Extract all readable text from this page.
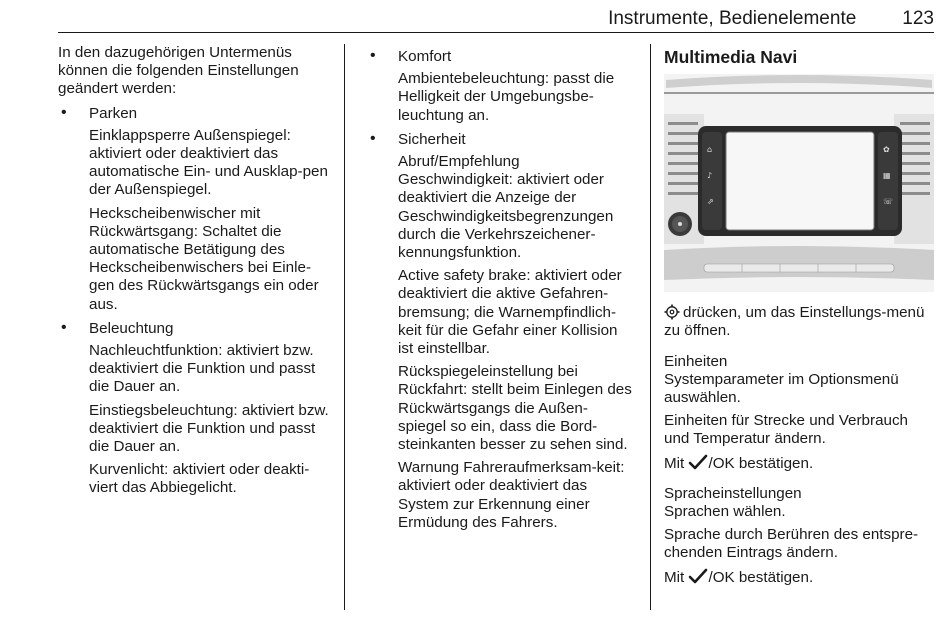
Instrumente, Bedienelemente 123

In den dazugehörigen Untermenüs können die folgenden Einstellungen geändert werden:

• Parken

Einklappsperre Außenspiegel: aktiviert oder deaktiviert das automatische Ein- und Ausklap-pen der Außenspiegel.

Heckscheibenwischer mit Rückwärtsgang: Schaltet die automatische Betätigung des Heckscheibenwischers bei Einle-gen des Rückwärtsgangs ein oder aus.

• Beleuchtung

Nachleuchtfunktion: aktiviert bzw. deaktiviert die Funktion und passt die Dauer an.

Einstiegsbeleuchtung: aktiviert bzw. deaktiviert die Funktion und passt die Dauer an.

Kurvenlicht: aktiviert oder deakti-viert das Abbiegelicht.

• Komfort

Ambientebeleuchtung: passt die Helligkeit der Umgebungsbe-leuchtung an.

• Sicherheit

Abruf/Empfehlung Geschwindigkeit: aktiviert oder deaktiviert die Anzeige der Geschwindigkeitsbegrenzungen durch die Verkehrszeichener-kennungsfunktion.

Active safety brake: aktiviert oder deaktiviert die aktive Gefahren-bremsung; die Warnempfindlich-keit für die Gefahr einer Kollision ist einstellbar.

Rückspiegeleinstellung bei Rückfahrt: stellt beim Einlegen des Rückwärtsgangs die Außen-spiegel so ein, dass die Bord-steinkanten besser zu sehen sind.

Warnung Fahreraufmerksam-keit: aktiviert oder deaktiviert das System zur Erkennung einer Ermüdung des Fahrers.

Multimedia Navi

⌂
♪
⇗
✿
▦
☏

drücken, um das Einstellungs-menü zu öffnen.

Einheiten

Systemparameter im Optionsmenü auswählen.

Einheiten für Strecke und Verbrauch und Temperatur ändern.

Mit /OK bestätigen.

Spracheinstellungen

Sprachen wählen.

Sprache durch Berühren des entspre-chenden Eintrags ändern.

Mit /OK bestätigen.
